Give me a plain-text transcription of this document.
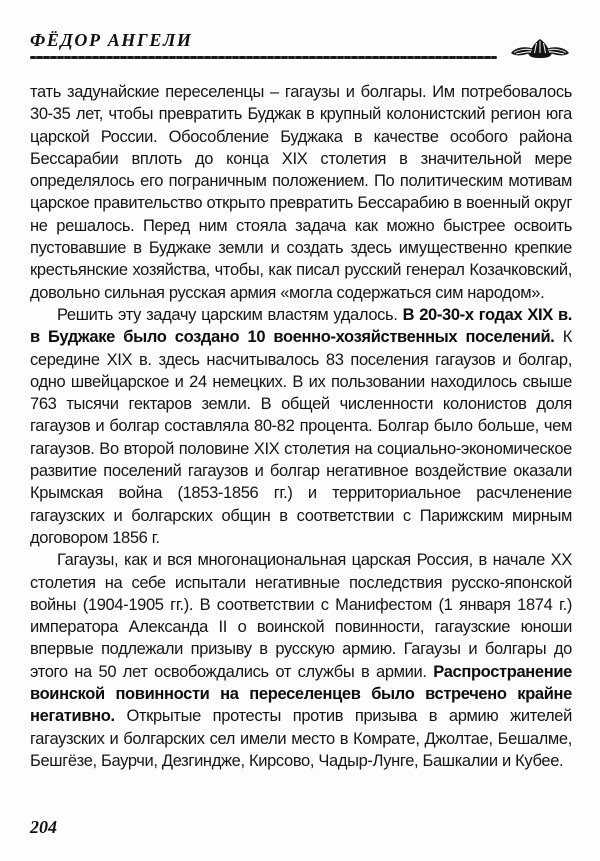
ФЁДОР АНГЕЛИ

тать задунайские переселенцы – гагаузы и болгары. Им потребовалось 30-35 лет, чтобы превратить Буджак в крупный колонистский регион юга царской России. Обособление Буджака в качестве особого района Бессарабии вплоть до конца XIX столетия в значительной мере определялось его пограничным положением. По политическим мотивам царское правительство открыто превратить Бессарабию в военный округ не решалось. Перед ним стояла задача как можно быстрее освоить пустовавшие в Буджаке земли и создать здесь имущественно крепкие крестьянские хозяйства, чтобы, как писал русский генерал Козачковский, довольно сильная русская армия «могла содержаться сим народом».

Решить эту задачу царским властям удалось. В 20-30-х годах XIX в. в Буджаке было создано 10 военно-хозяйственных поселений. К середине XIX в. здесь насчитывалось 83 поселения гагаузов и болгар, одно швейцарское и 24 немецких. В их пользовании находилось свыше 763 тысячи гектаров земли. В общей численности колонистов доля гагаузов и болгар составляла 80-82 процента. Болгар было больше, чем гагаузов. Во второй половине XIX столетия на социально-экономическое развитие поселений гагаузов и болгар негативное воздействие оказали Крымская война (1853-1856 гг.) и территориальное расчленение гагаузских и болгарских общин в соответствии с Парижским мирным договором 1856 г.

Гагаузы, как и вся многонациональная царская Россия, в начале XX столетия на себе испытали негативные последствия русско-японской войны (1904-1905 гг.). В соответствии с Манифестом (1 января 1874 г.) императора Александа II о воинской повинности, гагаузские юноши впервые подлежали призыву в русскую армию. Гагаузы и болгары до этого на 50 лет освобождались от службы в армии. Распространение воинской повинности на переселенцев было встречено крайне негативно. Открытые протесты против призыва в армию жителей гагаузских и болгарских сел имели место в Комрате, Джолтае, Бешалме, Бешгёзе, Баурчи, Дезгиндже, Кирсово, Чадыр-Лунге, Башкалии и Кубее.

204
